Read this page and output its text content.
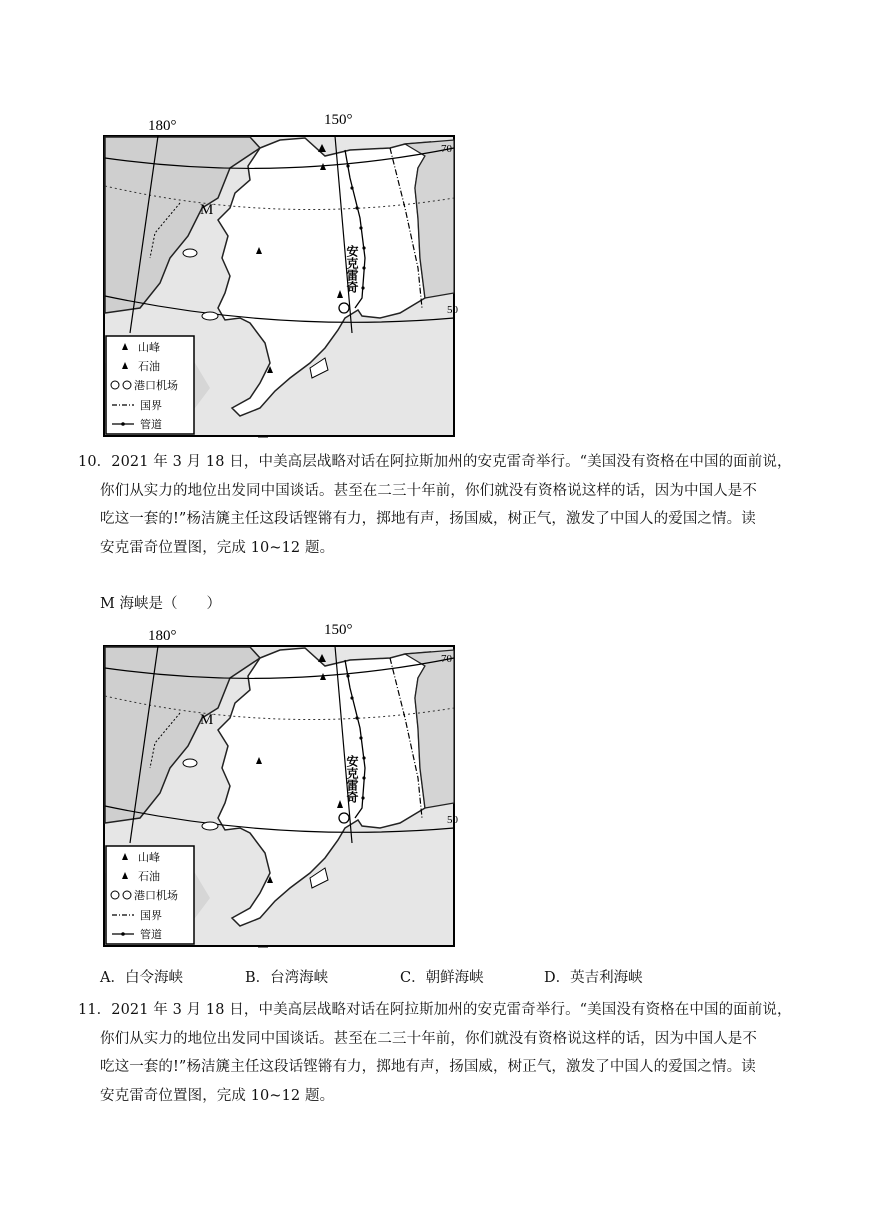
180°	150°
M
安克雷奇
70
50
山峰
石油
港口机场
国界
管道
10．2021 年 3 月 18 日，中美高层战略对话在阿拉斯加州的安克雷奇举行。“美国没有资格在中国的面前说，
你们从实力的地位出发同中国谈话。甚至在二三十年前，你们就没有资格说这样的话，因为中国人是不
吃这一套的!”杨洁篪主任这段话铿锵有力，掷地有声，扬国威，树正气，激发了中国人的爱国之情。读
安克雷奇位置图，完成 10~12 题。
M 海峡是（　　）
180°	150°
M
安克雷奇
70
50
山峰
石油
港口机场
国界
管道
A．白令海峡	B．台湾海峡	C．朝鲜海峡	D．英吉利海峡
11．2021 年 3 月 18 日，中美高层战略对话在阿拉斯加州的安克雷奇举行。“美国没有资格在中国的面前说，
你们从实力的地位出发同中国谈话。甚至在二三十年前，你们就没有资格说这样的话，因为中国人是不
吃这一套的!”杨洁篪主任这段话铿锵有力，掷地有声，扬国威，树正气，激发了中国人的爱国之情。读
安克雷奇位置图，完成 10~12 题。
